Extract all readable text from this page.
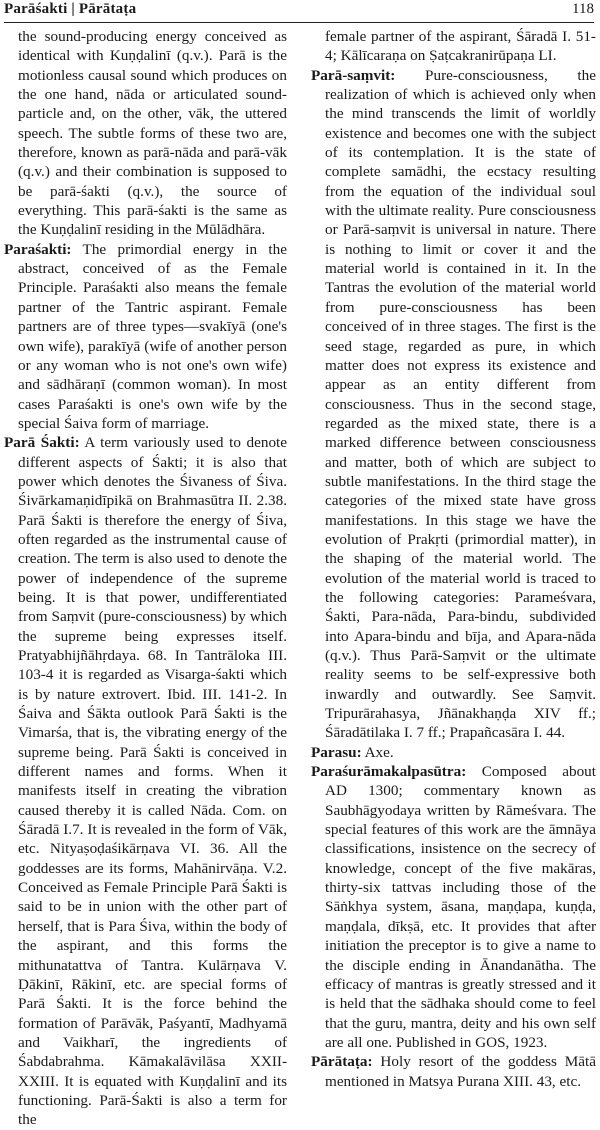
Parāśakti | Pārātaṭa	118

the sound-producing energy conceived as identical with Kuṇḍalinī (q.v.). Parā is the motionless causal sound which produces on the one hand, nāda or articulated sound-particle and, on the other, vāk, the uttered speech. The subtle forms of these two are, therefore, known as parā-nāda and parā-vāk (q.v.) and their combination is supposed to be parā-śakti (q.v.), the source of everything. This parā-śakti is the same as the Kuṇḍalinī residing in the Mūlādhāra.

Paraśakti: The primordial energy in the abstract, conceived of as the Female Principle. Paraśakti also means the female partner of the Tantric aspirant. Female partners are of three types—svakīyā (one's own wife), parakīyā (wife of another person or any woman who is not one's own wife) and sādhāraṇī (common woman). In most cases Paraśakti is one's own wife by the special Śaiva form of marriage.

Parā Śakti: A term variously used to denote different aspects of Śakti; it is also that power which denotes the Śivaness of Śiva. Śivārkamaṇidīpikā on Brahmasūtra II. 2.38. Parā Śakti is therefore the energy of Śiva, often regarded as the instrumental cause of creation. The term is also used to denote the power of independence of the supreme being. It is that power, undifferentiated from Saṃvit (pure-consciousness) by which the supreme being expresses itself. Pratyabhijñāhṛdaya. 68. In Tantrāloka III. 103-4 it is regarded as Visarga-śakti which is by nature extrovert. Ibid. III. 141-2. In Śaiva and Śākta outlook Parā Śakti is the Vimarśa, that is, the vibrating energy of the supreme being. Parā Śakti is conceived in different names and forms. When it manifests itself in creating the vibration caused thereby it is called Nāda. Com. on Śāradā I.7. It is revealed in the form of Vāk, etc. Nityaṣoḍaśikārṇava VI. 36. All the goddesses are its forms, Mahānirvāṇa. V.2. Conceived as Female Principle Parā Śakti is said to be in union with the other part of herself, that is Para Śiva, within the body of the aspirant, and this forms the mithunatattva of Tantra. Kulārṇava V. Ḍākinī, Rākinī, etc. are special forms of Parā Śakti. It is the force behind the formation of Parāvāk, Paśyantī, Madhyamā and Vaikharī, the ingredients of Śabdabrahma. Kāmakalāvilāsa XXII-XXIII. It is equated with Kuṇḍalinī and its functioning. Parā-Śakti is also a term for the

female partner of the aspirant, Śāradā I. 51-4; Kālīcaraṇa on Ṣaṭcakranirūpaṇa LI.

Parā-saṃvit: Pure-consciousness, the realization of which is achieved only when the mind transcends the limit of worldly existence and becomes one with the subject of its contemplation. It is the state of complete samādhi, the ecstacy resulting from the equation of the individual soul with the ultimate reality. Pure consciousness or Parā-saṃvit is universal in nature. There is nothing to limit or cover it and the material world is contained in it. In the Tantras the evolution of the material world from pure-consciousness has been conceived of in three stages. The first is the seed stage, regarded as pure, in which matter does not express its existence and appear as an entity different from consciousness. Thus in the second stage, regarded as the mixed state, there is a marked difference between consciousness and matter, both of which are subject to subtle manifestations. In the third stage the categories of the mixed state have gross manifestations. In this stage we have the evolution of Prakṛti (primordial matter), in the shaping of the material world. The evolution of the material world is traced to the following categories: Parameśvara, Śakti, Para-nāda, Para-bindu, subdivided into Apara-bindu and bīja, and Apara-nāda (q.v.). Thus Parā-Saṃvit or the ultimate reality seems to be self-expressive both inwardly and outwardly. See Saṃvit. Tripurārahasya, Jñānakhaṇḍa XIV ff.; Śāradātilaka I. 7 ff.; Prapañcasāra I. 44.

Parasu: Axe.

Paraśurāmakalpasūtra: Composed about AD 1300; commentary known as Saubhāgyodaya written by Rāmeśvara. The special features of this work are the āmnāya classifications, insistence on the secrecy of knowledge, concept of the five makāras, thirty-six tattvas including those of the Sāṅkhya system, āsana, maṇḍapa, kuṇḍa, maṇḍala, dīkṣā, etc. It provides that after initiation the preceptor is to give a name to the disciple ending in Ānandanātha. The efficacy of mantras is greatly stressed and it is held that the sādhaka should come to feel that the guru, mantra, deity and his own self are all one. Published in GOS, 1923.

Pārātaṭa: Holy resort of the goddess Mātā mentioned in Matsya Purana XIII. 43, etc.
